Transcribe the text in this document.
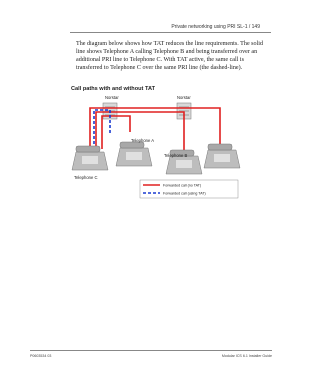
Private networking using PRI SL-1 / 149
The diagram below shows how TAT reduces the line requirements. The solid line shows Telephone A calling Telephone B and being transferred over an additional PRI line to Telephone C. With TAT active, the same call is transferred to Telephone C over the same PRI line (the dashed-line).
Call paths with and without TAT
Norstar	Norstar
Telephone A
Telephone B
Telephone C
Forwarded call (no TAT)
Forwarded call (using TAT)
P0603534 03	Modular ICS 6.1 Installer Guide
